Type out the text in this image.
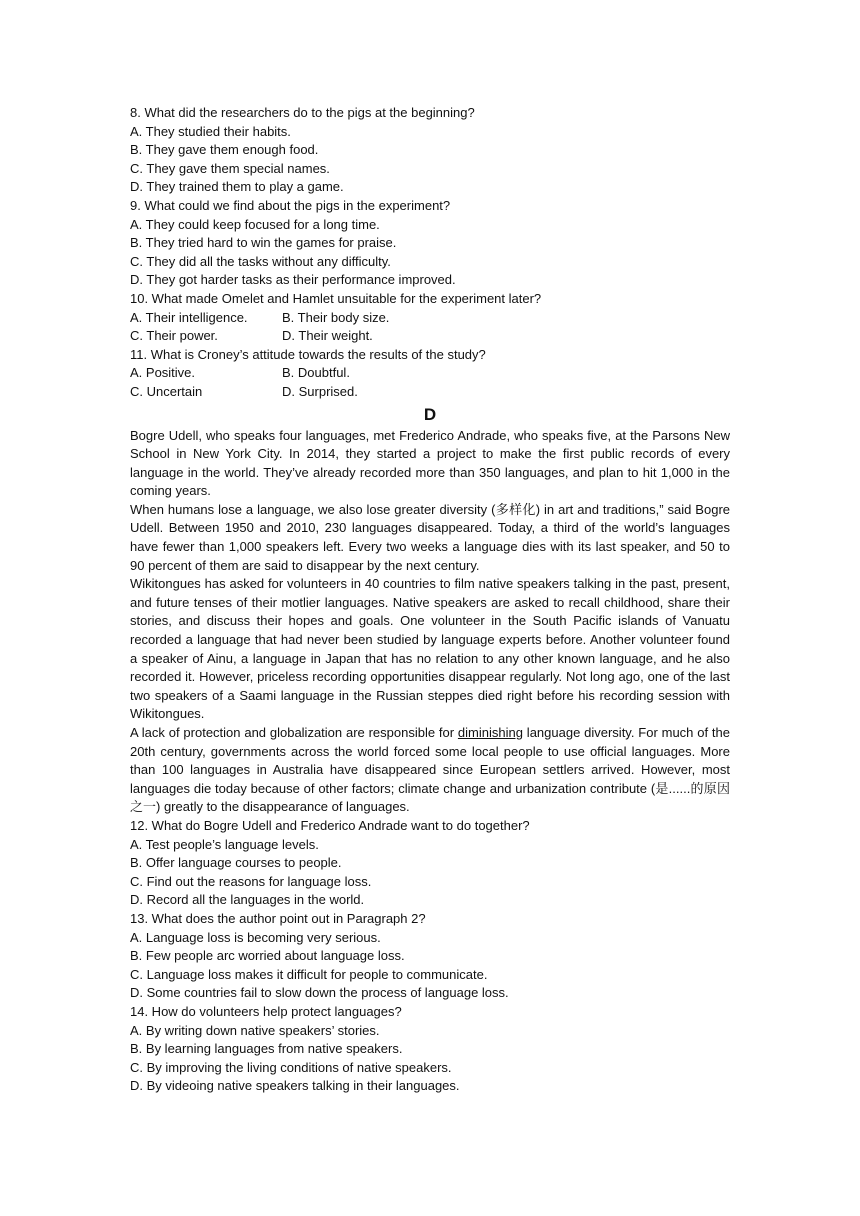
8. What did the researchers do to the pigs at the beginning?
A. They studied their habits.
B. They gave them enough food.
C. They gave them special names.
D. They trained them to play a game.
9. What could we find about the pigs in the experiment?
A. They could keep focused for a long time.
B. They tried hard to win the games for praise.
C. They did all the tasks without any difficulty.
D. They got harder tasks as their performance improved.
10. What made Omelet and Hamlet unsuitable for the experiment later?
A. Their intelligence.	B. Their body size.
C. Their power.	D. Their weight.
11. What is Croney’s attitude towards the results of the study?
A. Positive.	B. Doubtful.
C. Uncertain	D. Surprised.
D
Bogre Udell, who speaks four languages, met Frederico Andrade, who speaks five, at the Parsons New School in New York City. In 2014, they started a project to make the first public records of every language in the world. They’ve already recorded more than 350 languages, and plan to hit 1,000 in the coming years.
When humans lose a language, we also lose greater diversity (多样化) in art and traditions,” said Bogre Udell. Between 1950 and 2010, 230 languages disappeared. Today, a third of the world’s languages have fewer than 1,000 speakers left. Every two weeks a language dies with its last speaker, and 50 to 90 percent of them are said to disappear by the next century.
Wikitongues has asked for volunteers in 40 countries to film native speakers talking in the past, present, and future tenses of their motlier languages. Native speakers are asked to recall childhood, share their stories, and discuss their hopes and goals. One volunteer in the South Pacific islands of Vanuatu recorded a language that had never been studied by language experts before. Another volunteer found a speaker of Ainu, a language in Japan that has no relation to any other known language, and he also recorded it. However, priceless recording opportunities disappear regularly. Not long ago, one of the last two speakers of a Saami language in the Russian steppes died right before his recording session with Wikitongues.
A lack of protection and globalization are responsible for diminishing language diversity. For much of the 20th century, governments across the world forced some local people to use official languages. More than 100 languages in Australia have disappeared since European settlers arrived. However, most languages die today because of other factors; climate change and urbanization contribute (是......的原因之一) greatly to the disappearance of languages.
12. What do Bogre Udell and Frederico Andrade want to do together?
A. Test people’s language levels.
B. Offer language courses to people.
C. Find out the reasons for language loss.
D. Record all the languages in the world.
13. What does the author point out in Paragraph 2?
A. Language loss is becoming very serious.
B. Few people arc worried about language loss.
C. Language loss makes it difficult for people to communicate.
D. Some countries fail to slow down the process of language loss.
14. How do volunteers help protect languages?
A. By writing down native speakers’ stories.
B. By learning languages from native speakers.
C. By improving the living conditions of native speakers.
D. By videoing native speakers talking in their languages.
